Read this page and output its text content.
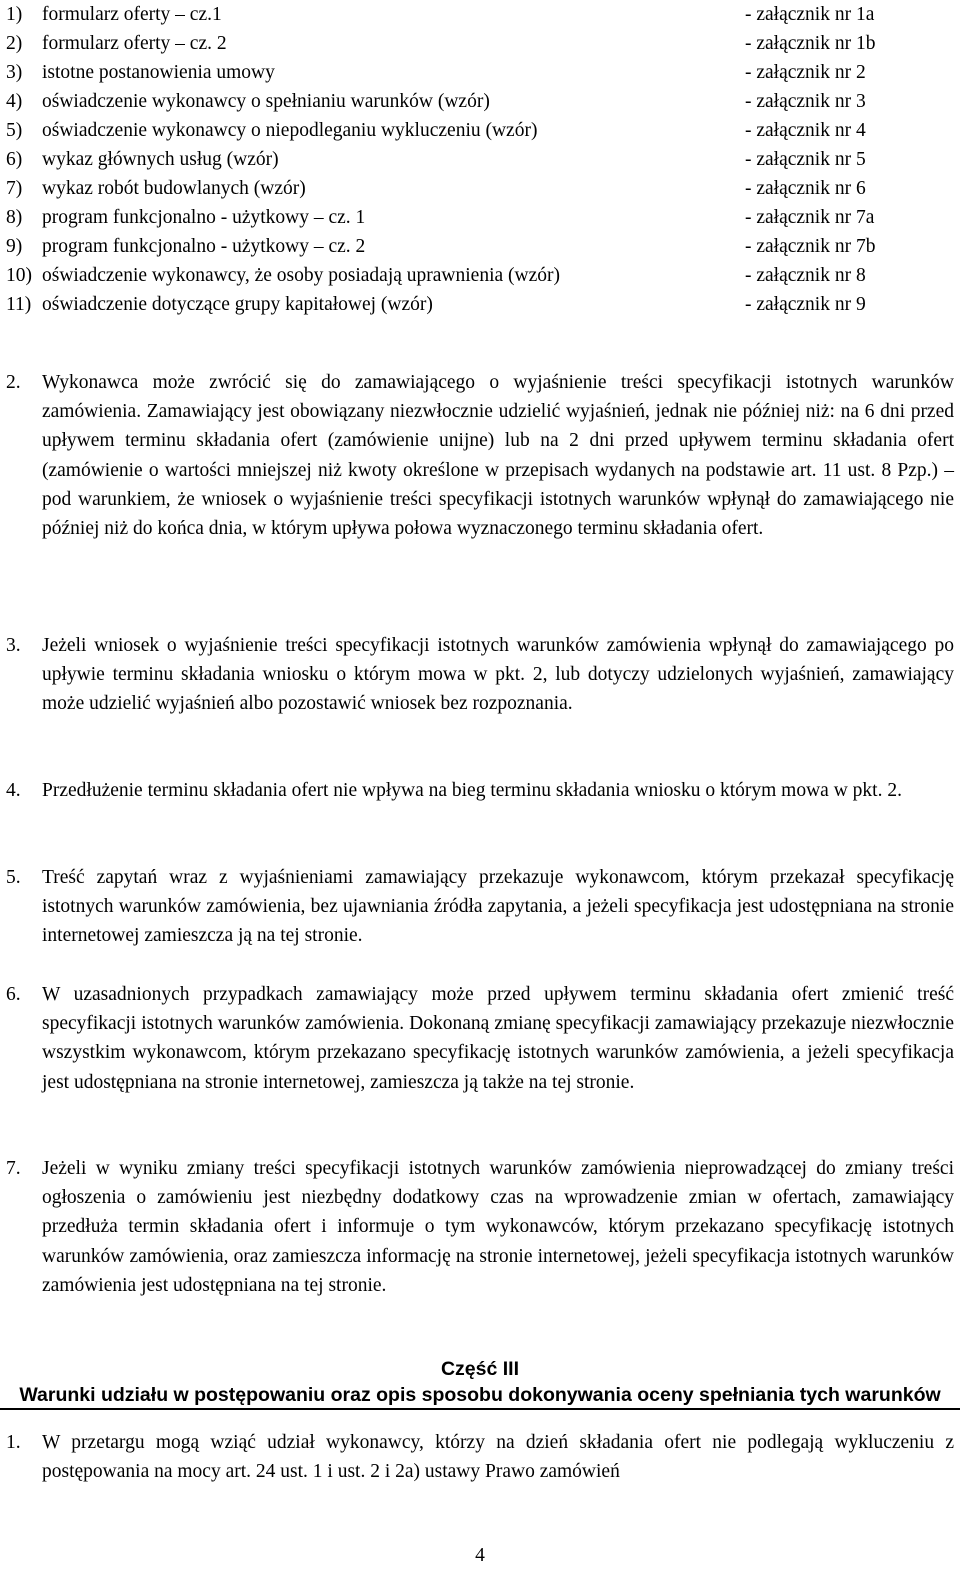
1) formularz oferty – cz.1	- załącznik nr 1a
2) formularz oferty – cz. 2	- załącznik nr 1b
3) istotne postanowienia umowy	- załącznik nr 2
4) oświadczenie wykonawcy o spełnianiu warunków (wzór)	- załącznik nr 3
5) oświadczenie wykonawcy o niepodleganiu wykluczeniu (wzór)	- załącznik nr 4
6) wykaz głównych usług (wzór)	- załącznik nr 5
7) wykaz robót budowlanych (wzór)	- załącznik nr 6
8) program funkcjonalno - użytkowy – cz. 1	- załącznik nr 7a
9) program funkcjonalno - użytkowy – cz. 2	- załącznik nr 7b
10) oświadczenie wykonawcy, że osoby posiadają uprawnienia (wzór)	- załącznik nr 8
11) oświadczenie dotyczące grupy kapitałowej (wzór)	- załącznik nr 9
2. Wykonawca może zwrócić się do zamawiającego o wyjaśnienie treści specyfikacji istotnych warunków zamówienia. Zamawiający jest obowiązany niezwłocznie udzielić wyjaśnień, jednak nie później niż: na 6 dni przed upływem terminu składania ofert (zamówienie unijne) lub na 2 dni przed upływem terminu składania ofert (zamówienie o wartości mniejszej niż kwoty określone w przepisach wydanych na podstawie art. 11 ust. 8 Pzp.) – pod warunkiem, że wniosek o wyjaśnienie treści specyfikacji istotnych warunków wpłynął do zamawiającego nie później niż do końca dnia, w którym upływa połowa wyznaczonego terminu składania ofert.
3. Jeżeli wniosek o wyjaśnienie treści specyfikacji istotnych warunków zamówienia wpłynął do zamawiającego po upływie terminu składania wniosku o którym mowa w pkt. 2, lub dotyczy udzielonych wyjaśnień, zamawiający może udzielić wyjaśnień albo pozostawić wniosek bez rozpoznania.
4. Przedłużenie terminu składania ofert nie wpływa na bieg terminu składania wniosku o którym mowa w pkt. 2.
5. Treść zapytań wraz z wyjaśnieniami zamawiający przekazuje wykonawcom, którym przekazał specyfikację istotnych warunków zamówienia, bez ujawniania źródła zapytania, a jeżeli specyfikacja jest udostępniana na stronie internetowej zamieszcza ją na tej stronie.
6. W uzasadnionych przypadkach zamawiający może przed upływem terminu składania ofert zmienić treść specyfikacji istotnych warunków zamówienia. Dokonaną zmianę specyfikacji zamawiający przekazuje niezwłocznie wszystkim wykonawcom, którym przekazano specyfikację istotnych warunków zamówienia, a jeżeli specyfikacja jest udostępniana na stronie internetowej, zamieszcza ją także na tej stronie.
7. Jeżeli w wyniku zmiany treści specyfikacji istotnych warunków zamówienia nieprowadzącej do zmiany treści ogłoszenia o zamówieniu jest niezbędny dodatkowy czas na wprowadzenie zmian w ofertach, zamawiający przedłuża termin składania ofert i informuje o tym wykonawców, którym przekazano specyfikację istotnych warunków zamówienia, oraz zamieszcza informację na stronie internetowej, jeżeli specyfikacja istotnych warunków zamówienia jest udostępniana na tej stronie.
Część III
Warunki udziału w postępowaniu oraz opis sposobu dokonywania oceny spełniania tych warunków
1. W przetargu mogą wziąć udział wykonawcy, którzy na dzień składania ofert nie podlegają wykluczeniu z postępowania na mocy art. 24 ust. 1 i ust. 2 i 2a) ustawy Prawo zamówień
4
